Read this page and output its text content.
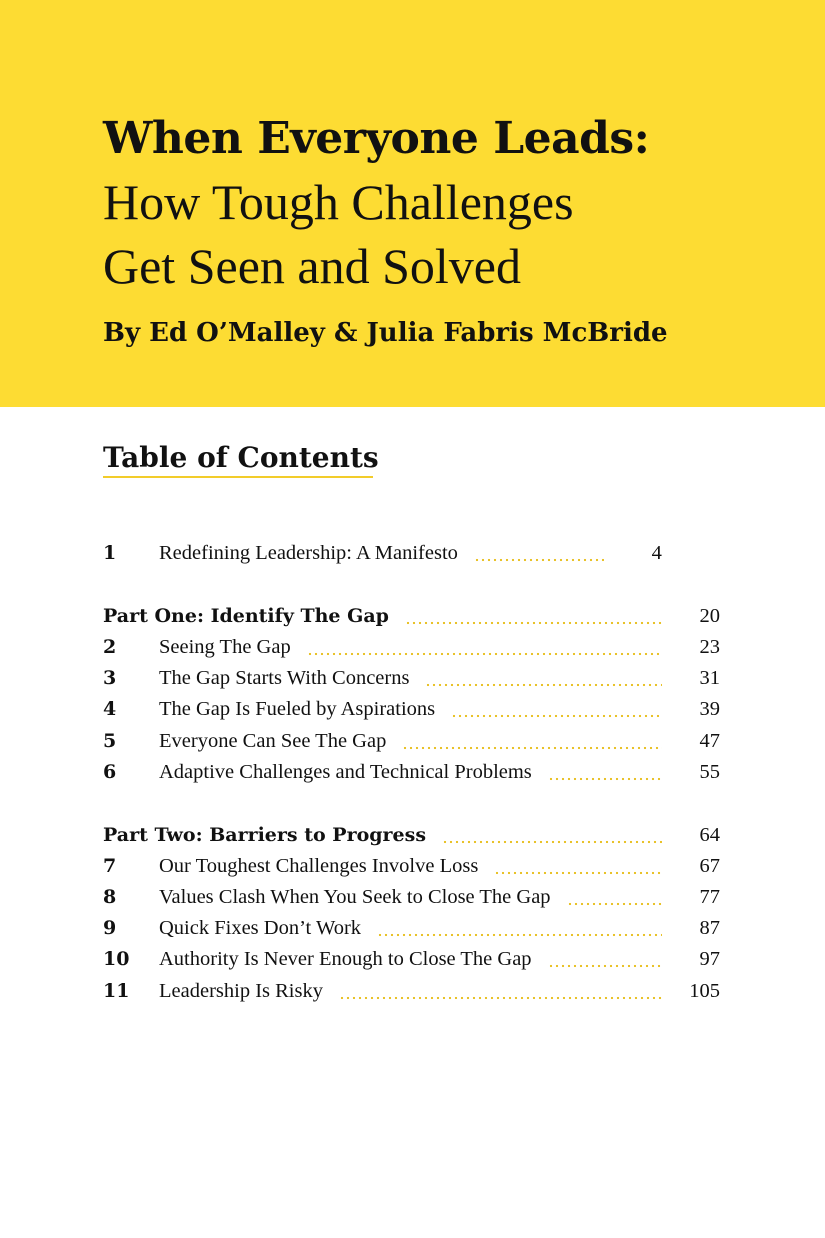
When Everyone Leads:
How Tough Challenges
Get Seen and Solved
By Ed O’Malley & Julia Fabris McBride
Table of Contents
1	Redefining Leadership: A Manifesto	4
Part One: Identify The Gap	20
2	Seeing The Gap	23
3	The Gap Starts With Concerns	31
4	The Gap Is Fueled by Aspirations	39
5	Everyone Can See The Gap	47
6	Adaptive Challenges and Technical Problems	55
Part Two: Barriers to Progress	64
7	Our Toughest Challenges Involve Loss	67
8	Values Clash When You Seek to Close The Gap	77
9	Quick Fixes Don’t Work	87
10	Authority Is Never Enough to Close The Gap	97
11	Leadership Is Risky	105
